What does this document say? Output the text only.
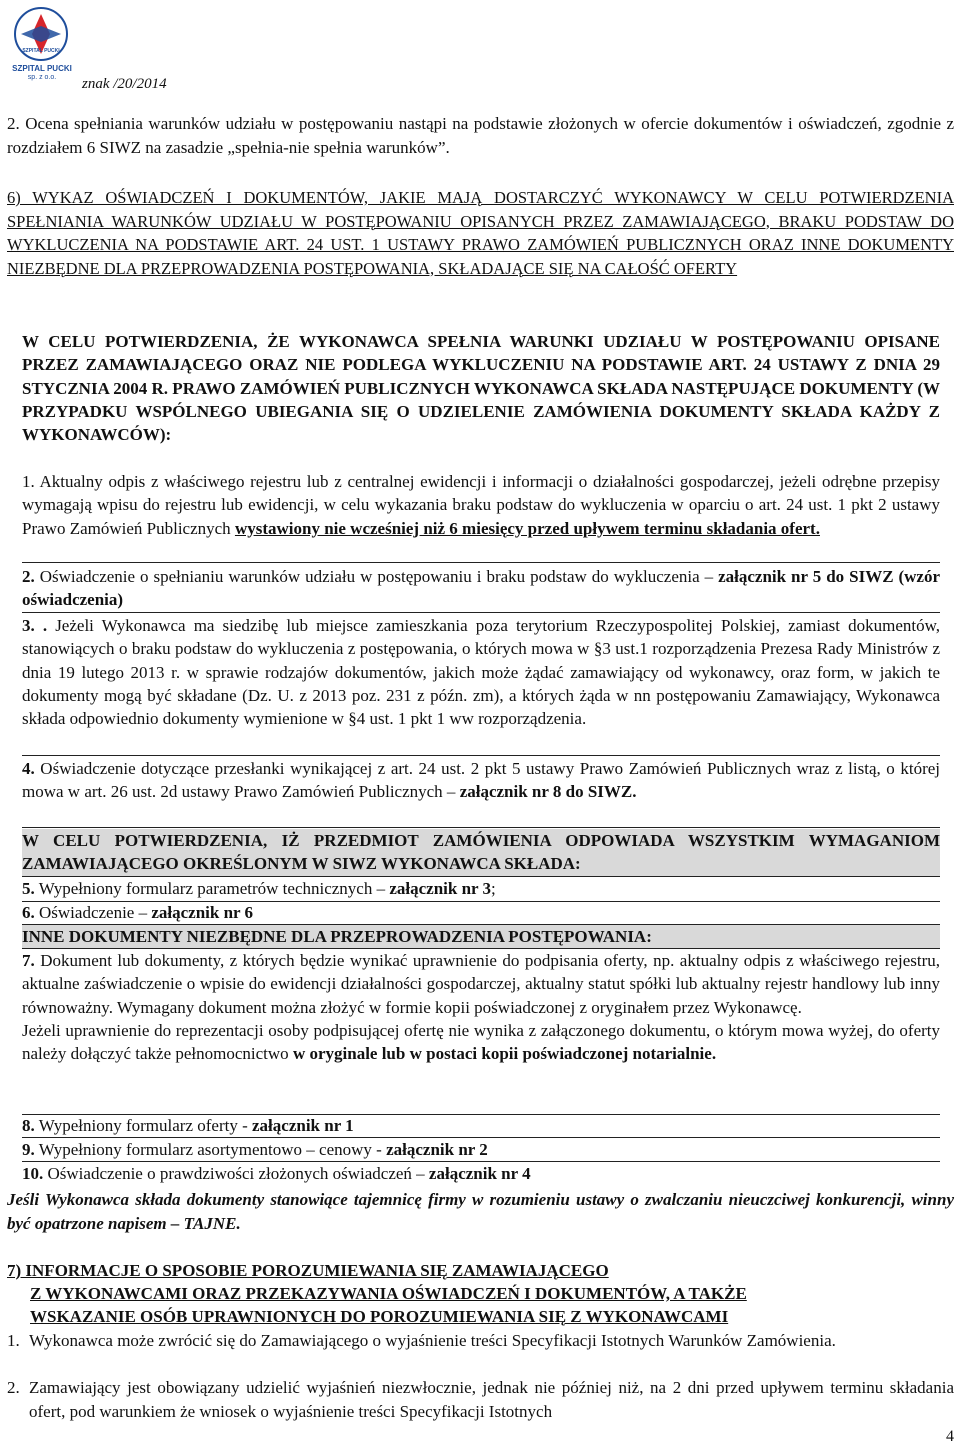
SZPITAL PUCKI
SZPITAL PUCKI
sp. z o.o.	znak /20/2014
2. Ocena spełniania warunków udziału w postępowaniu nastąpi na podstawie złożonych w ofercie dokumentów i oświadczeń, zgodnie z rozdziałem 6 SIWZ na zasadzie „spełnia-nie spełnia warunków”.
6) WYKAZ OŚWIADCZEŃ I DOKUMENTÓW, JAKIE MAJĄ DOSTARCZYĆ WYKONAWCY W CELU POTWIERDZENIA SPEŁNIANIA WARUNKÓW UDZIAŁU W POSTĘPOWANIU OPISANYCH PRZEZ ZAMAWIAJĄCEGO, BRAKU PODSTAW DO WYKLUCZENIA NA PODSTAWIE ART. 24 UST. 1 USTAWY PRAWO ZAMÓWIEŃ PUBLICZNYCH ORAZ INNE DOKUMENTY NIEZBĘDNE DLA PRZEPROWADZENIA POSTĘPOWANIA, SKŁADAJĄCE SIĘ NA CAŁOŚĆ OFERTY
W CELU POTWIERDZENIA, ŻE WYKONAWCA SPEŁNIA WARUNKI UDZIAŁU W POSTĘPOWANIU OPISANE PRZEZ ZAMAWIAJĄCEGO ORAZ NIE PODLEGA WYKLUCZENIU NA PODSTAWIE ART. 24 USTAWY Z DNIA 29 STYCZNIA 2004 R. PRAWO ZAMÓWIEŃ PUBLICZNYCH WYKONAWCA SKŁADA NASTĘPUJĄCE DOKUMENTY (W PRZYPADKU WSPÓLNEGO UBIEGANIA SIĘ O UDZIELENIE ZAMÓWIENIA DOKUMENTY SKŁADA KAŻDY Z WYKONAWCÓW):
1. Aktualny odpis z właściwego rejestru lub z centralnej ewidencji i informacji o działalności gospodarczej, jeżeli odrębne przepisy wymagają wpisu do rejestru lub ewidencji, w celu wykazania braku podstaw do wykluczenia w oparciu o art. 24 ust. 1 pkt 2 ustawy Prawo Zamówień Publicznych wystawiony nie wcześniej niż 6 miesięcy przed upływem terminu składania ofert.
2. Oświadczenie o spełnianiu warunków udziału w postępowaniu i braku podstaw do wykluczenia – załącznik nr 5 do SIWZ (wzór oświadczenia)
3. . Jeżeli Wykonawca ma siedzibę lub miejsce zamieszkania poza terytorium Rzeczypospolitej Polskiej, zamiast dokumentów, stanowiących o braku podstaw do wykluczenia z postępowania, o których mowa w §3 ust.1 rozporządzenia Prezesa Rady Ministrów z dnia 19 lutego 2013 r. w sprawie rodzajów dokumentów, jakich może żądać zamawiający od wykonawcy, oraz form, w jakich te dokumenty mogą być składane (Dz. U. z 2013 poz. 231 z późn. zm), a których żąda w nn postępowaniu Zamawiający, Wykonawca składa odpowiednio dokumenty wymienione w §4 ust. 1 pkt 1 ww rozporządzenia.
4. Oświadczenie dotyczące przesłanki wynikającej z art. 24 ust. 2 pkt 5 ustawy Prawo Zamówień Publicznych wraz z listą, o której mowa w art. 26 ust. 2d ustawy Prawo Zamówień Publicznych – załącznik nr 8 do SIWZ.
W CELU POTWIERDZENIA, IŻ PRZEDMIOT ZAMÓWIENIA ODPOWIADA WSZYSTKIM WYMAGANIOM ZAMAWIAJĄCEGO OKREŚLONYM W SIWZ WYKONAWCA SKŁADA:
5. Wypełniony formularz parametrów technicznych – załącznik nr 3;
6. Oświadczenie – załącznik nr 6
INNE DOKUMENTY NIEZBĘDNE DLA PRZEPROWADZENIA POSTĘPOWANIA:
7. Dokument lub dokumenty, z których będzie wynikać uprawnienie do podpisania oferty, np. aktualny odpis z właściwego rejestru, aktualne zaświadczenie o wpisie do ewidencji działalności gospodarczej, aktualny statut spółki lub aktualny rejestr handlowy lub inny równoważny. Wymagany dokument można złożyć w formie kopii poświadczonej z oryginałem przez Wykonawcę.
Jeżeli uprawnienie do reprezentacji osoby podpisującej ofertę nie wynika z załączonego dokumentu, o którym mowa wyżej, do oferty należy dołączyć także pełnomocnictwo w oryginale lub w postaci kopii poświadczonej notarialnie.
8. Wypełniony formularz oferty - załącznik nr 1
9. Wypełniony formularz asortymentowo – cenowy - załącznik nr 2
10. Oświadczenie o prawdziwości złożonych oświadczeń – załącznik nr 4
Jeśli Wykonawca składa dokumenty stanowiące tajemnicę firmy w rozumieniu ustawy o zwalczaniu nieuczciwej konkurencji, winny być opatrzone napisem – TAJNE.
7) INFORMACJE O SPOSOBIE POROZUMIEWANIA SIĘ ZAMAWIAJĄCEGO
Z WYKONAWCAMI ORAZ PRZEKAZYWANIA OŚWIADCZEŃ I DOKUMENTÓW, A TAKŻE
WSKAZANIE OSÓB UPRAWNIONYCH DO POROZUMIEWANIA SIĘ Z WYKONAWCAMI
1. Wykonawca może zwrócić się do Zamawiającego o wyjaśnienie treści Specyfikacji Istotnych Warunków Zamówienia.
2. Zamawiający jest obowiązany udzielić wyjaśnień niezwłocznie, jednak nie później niż, na 2 dni przed upływem terminu składania ofert, pod warunkiem że wniosek o wyjaśnienie treści Specyfikacji Istotnych
4
